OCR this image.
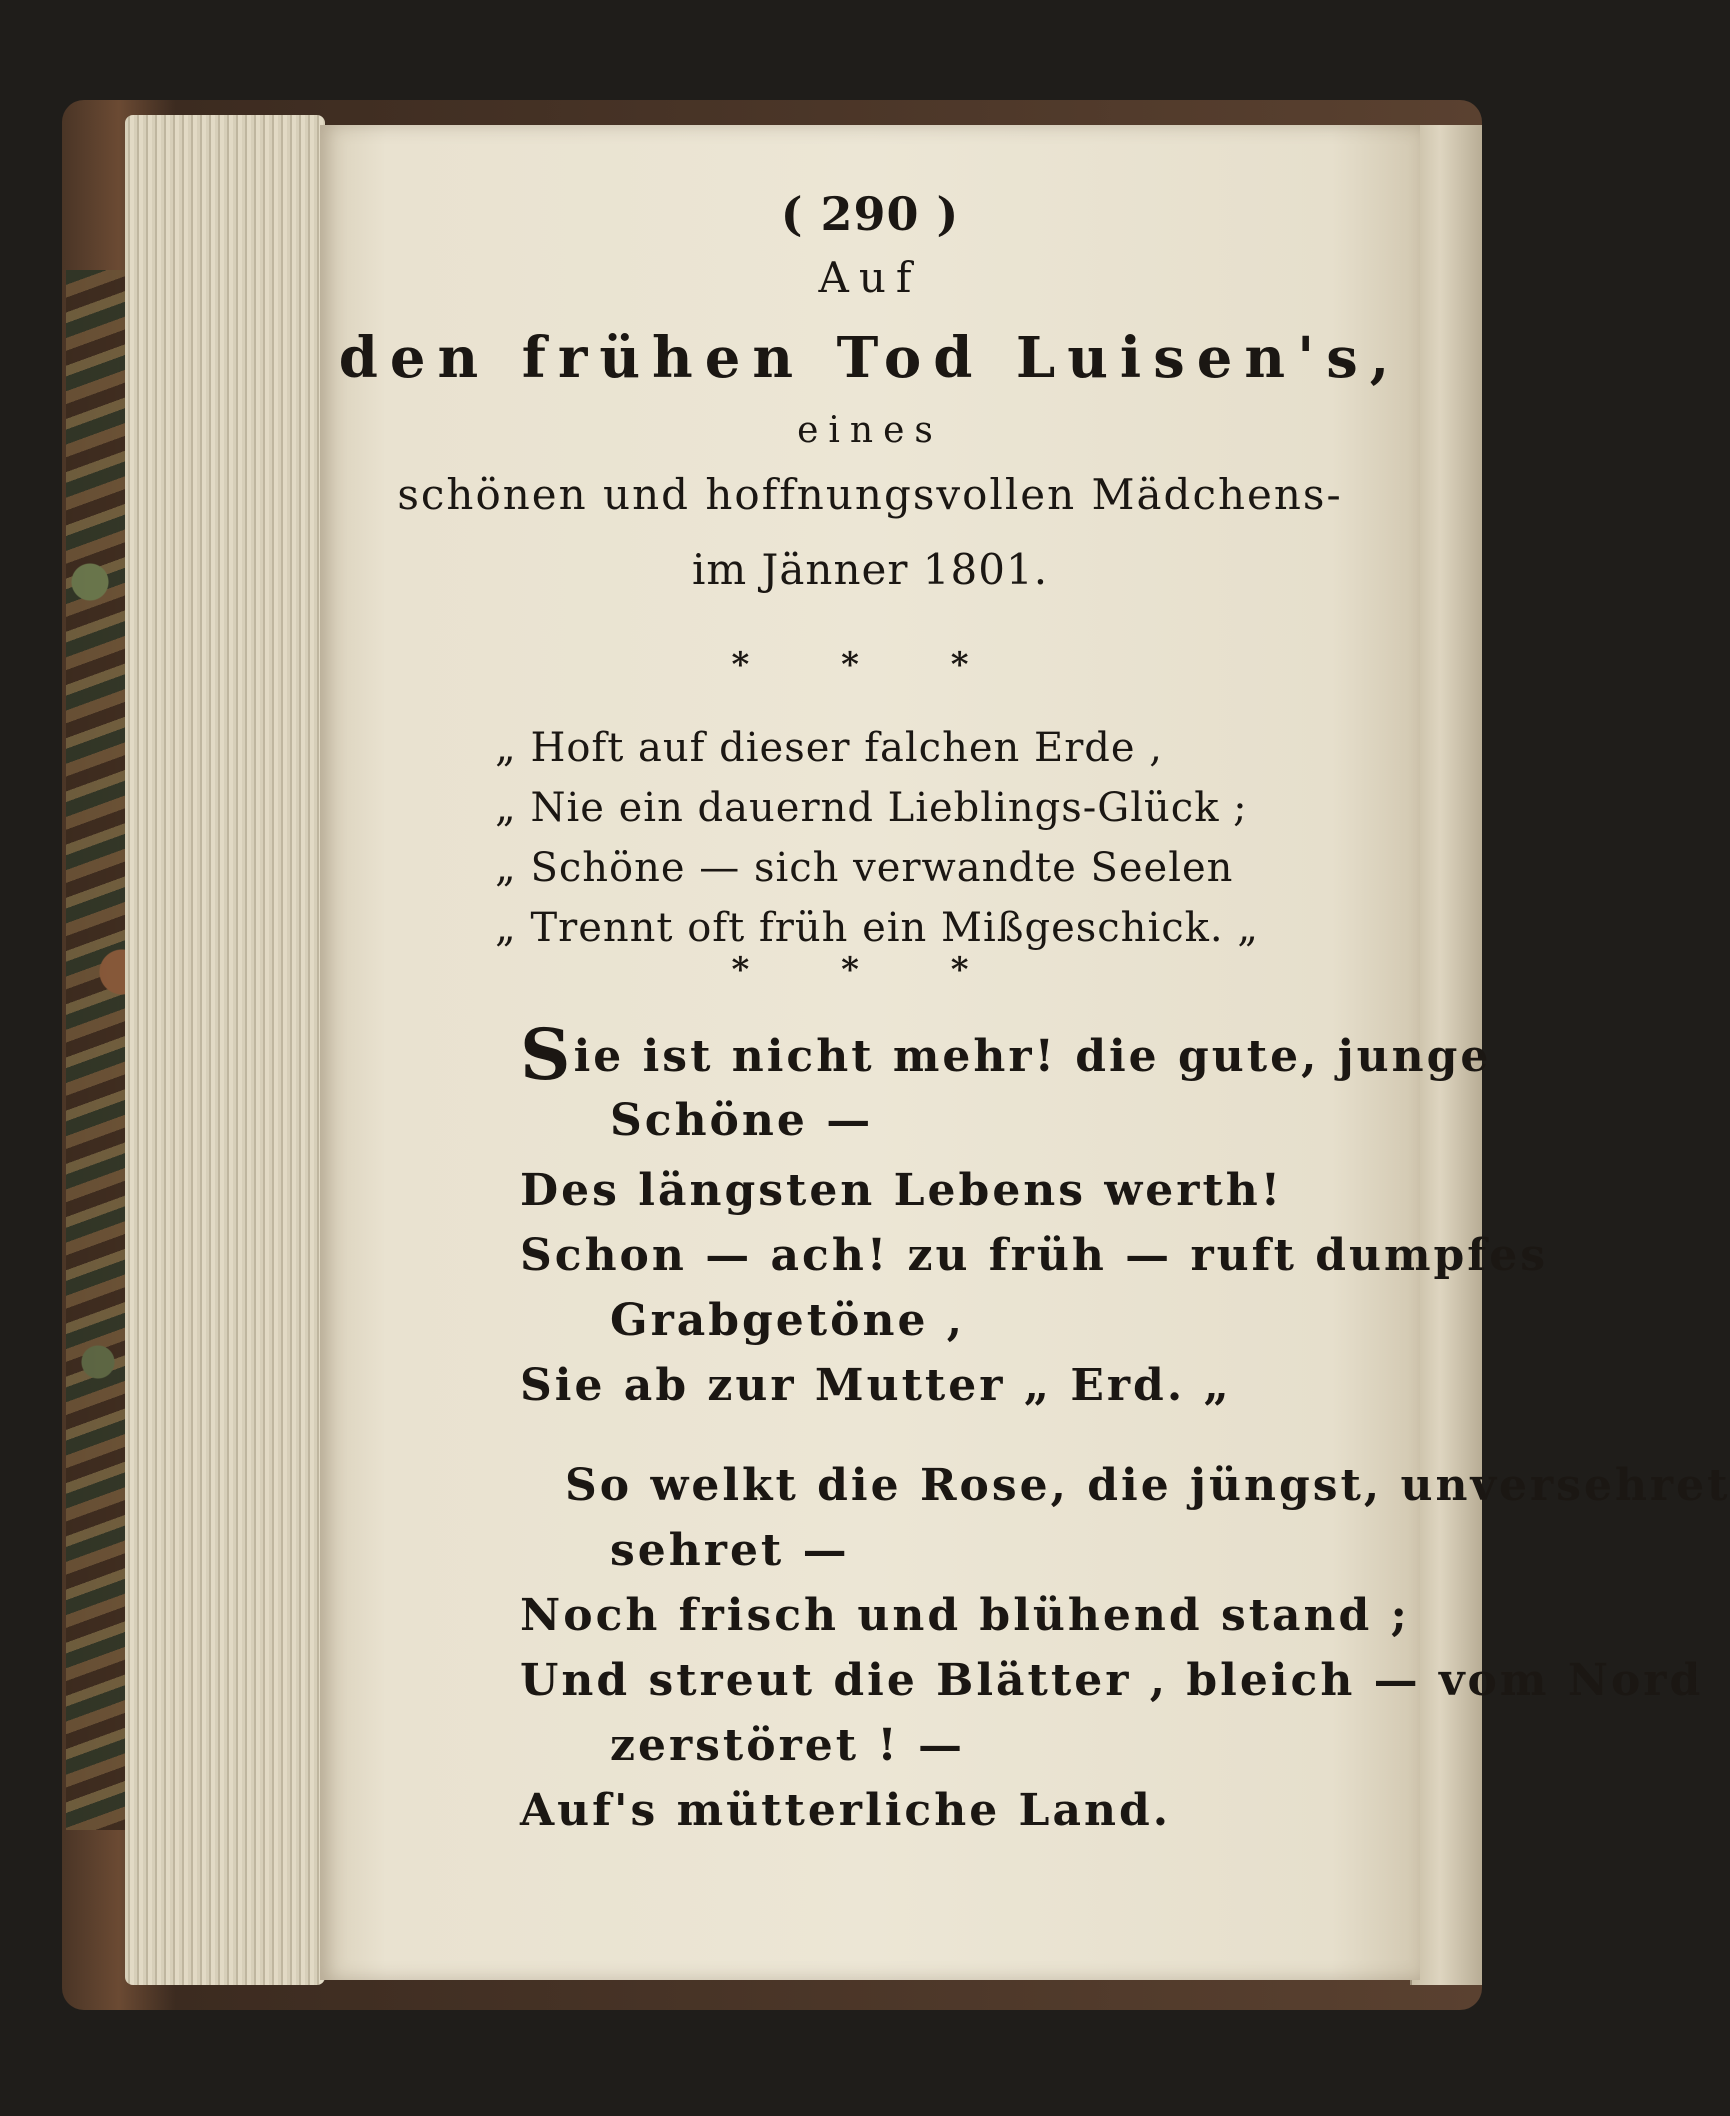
( 290 )
Auf
den frühen Tod Luisen's,
eines
schönen und hoffnungsvollen Mädchens-
im Jänner 1801.
* * *
„ Hoft auf dieser falchen Erde ,
„ Nie ein dauernd Lieblings-Glück ;
„ Schöne — sich verwandte Seelen
„ Trennt oft früh ein Mißgeschick. „
* * *
Sie ist nicht mehr! die gute, junge
Schöne —
Des längsten Lebens werth!
Schon — ach! zu früh — ruft dumpfes
Grabgetöne ,
Sie ab zur Mutter „ Erd. „
So welkt die Rose, die jüngst, unversehret
sehret —
Noch frisch und blühend stand ;
Und streut die Blätter , bleich — vom Nord
zerstöret ! —
Auf's mütterliche Land.
